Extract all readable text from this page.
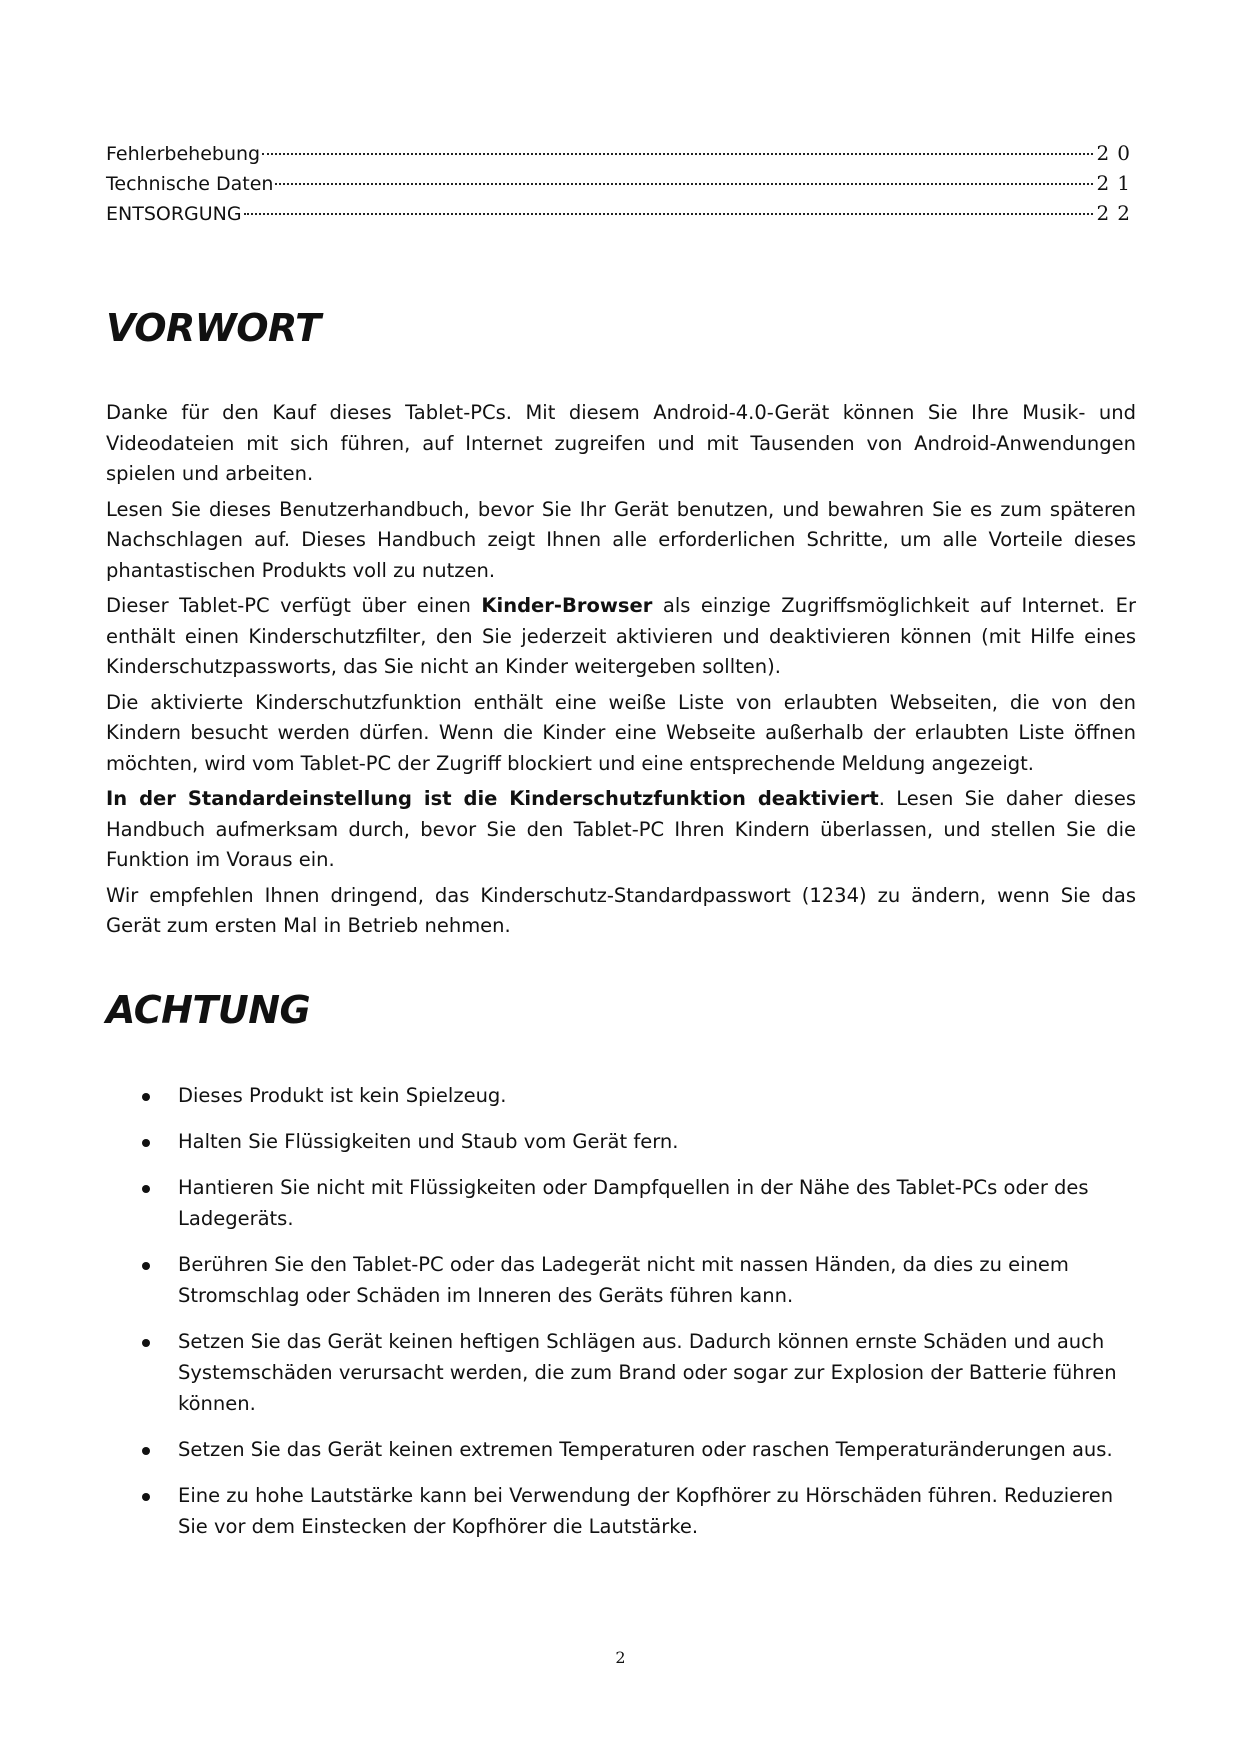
Fehlerbehebung	20
Technische Daten	21
ENTSORGUNG	22
VORWORT

Danke für den Kauf dieses Tablet-PCs. Mit diesem Android-4.0-Gerät können Sie Ihre Musik- und Videodateien mit sich führen, auf Internet zugreifen und mit Tausenden von Android-Anwendungen spielen und arbeiten.

Lesen Sie dieses Benutzerhandbuch, bevor Sie Ihr Gerät benutzen, und bewahren Sie es zum späteren Nachschlagen auf. Dieses Handbuch zeigt Ihnen alle erforderlichen Schritte, um alle Vorteile dieses phantastischen Produkts voll zu nutzen.

Dieser Tablet-PC verfügt über einen Kinder-Browser als einzige Zugriffsmöglichkeit auf Internet. Er enthält einen Kinderschutzfilter, den Sie jederzeit aktivieren und deaktivieren können (mit Hilfe eines Kinderschutzpassworts, das Sie nicht an Kinder weitergeben sollten).

Die aktivierte Kinderschutzfunktion enthält eine weiße Liste von erlaubten Webseiten, die von den Kindern besucht werden dürfen. Wenn die Kinder eine Webseite außerhalb der erlaubten Liste öffnen möchten, wird vom Tablet-PC der Zugriff blockiert und eine entsprechende Meldung angezeigt.

In der Standardeinstellung ist die Kinderschutzfunktion deaktiviert. Lesen Sie daher dieses Handbuch aufmerksam durch, bevor Sie den Tablet-PC Ihren Kindern überlassen, und stellen Sie die Funktion im Voraus ein.

Wir empfehlen Ihnen dringend, das Kinderschutz-Standardpasswort (1234) zu ändern, wenn Sie das Gerät zum ersten Mal in Betrieb nehmen.

ACHTUNG
Dieses Produkt ist kein Spielzeug.
Halten Sie Flüssigkeiten und Staub vom Gerät fern.
Hantieren Sie nicht mit Flüssigkeiten oder Dampfquellen in der Nähe des Tablet-PCs oder des Ladegeräts.
Berühren Sie den Tablet-PC oder das Ladegerät nicht mit nassen Händen, da dies zu einem Stromschlag oder Schäden im Inneren des Geräts führen kann.
Setzen Sie das Gerät keinen heftigen Schlägen aus. Dadurch können ernste Schäden und auch Systemschäden verursacht werden, die zum Brand oder sogar zur Explosion der Batterie führen können.
Setzen Sie das Gerät keinen extremen Temperaturen oder raschen Temperaturänderungen aus.
Eine zu hohe Lautstärke kann bei Verwendung der Kopfhörer zu Hörschäden führen. Reduzieren Sie vor dem Einstecken der Kopfhörer die Lautstärke.
2
